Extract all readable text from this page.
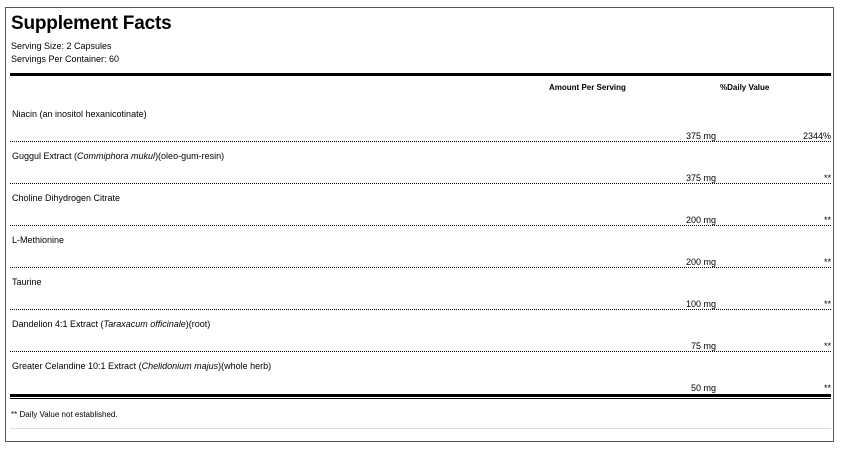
Supplement Facts
Serving Size: 2 Capsules
Servings Per Container: 60
Amount Per Serving	%Daily Value
Niacin (an inositol hexanicotinate)
375 mg	2344%
Guggul Extract (Commiphora mukul)(oleo-gum-resin)
375 mg	**
Choline Dihydrogen Citrate
200 mg	**
L-Methionine
200 mg	**
Taurine
100 mg	**
Dandelion 4:1 Extract (Taraxacum officinale)(root)
75 mg	**
Greater Celandine 10:1 Extract (Chelidonium majus)(whole herb)
50 mg	**
** Daily Value not established.
